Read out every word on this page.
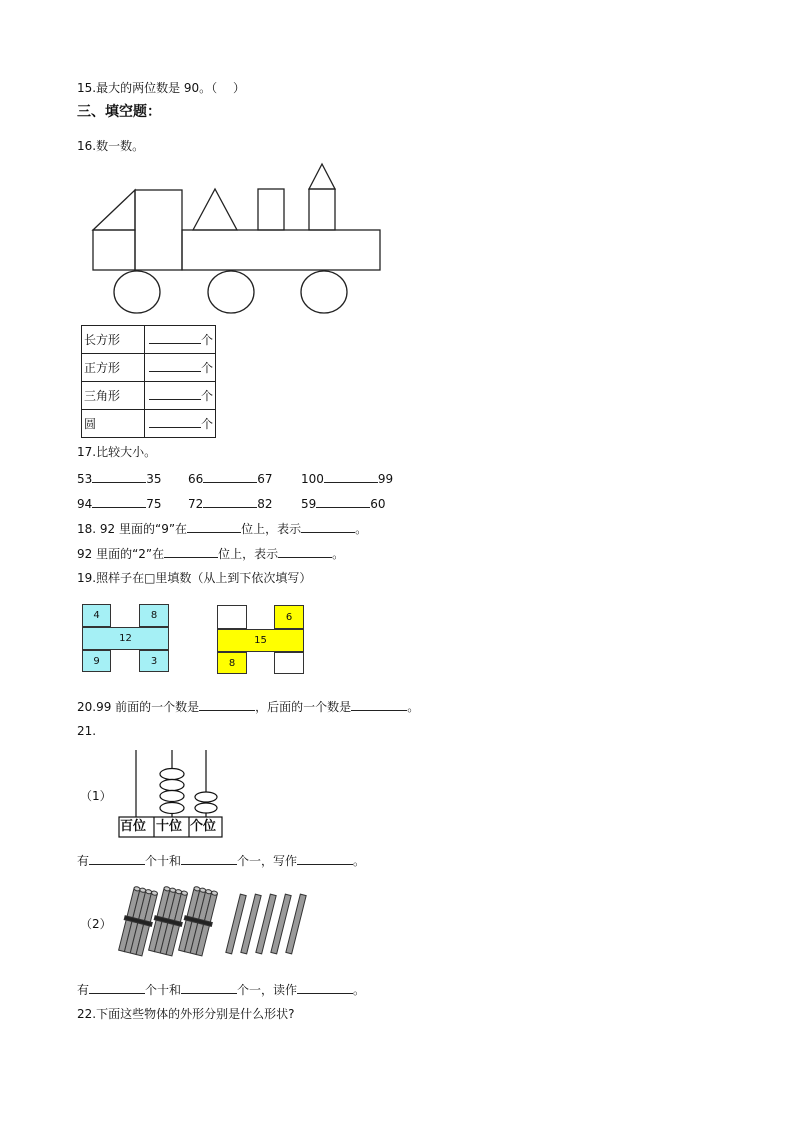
15.最大的两位数是 90。（　 ）
三、填空题：
16.数一数。
长方形	个
正方形	个
三角形	个
圆	个
17.比较大小。
53	35 66	67 100	99
94	75 72	82 59	60
18. 92 里面的“9”在	位上，表示	。
92 里面的“2”在	位上，表示	。
19.照样子在□里填数（从上到下依次填写）
4	8
12
9	3
6
15
8
20.99 前面的一个数是	，后面的一个数是	。
21.
（1）
百位 十位 个位
有	个十和	个一，写作	。
（2）
有	个十和	个一，读作	。
22.下面这些物体的外形分别是什么形状?
